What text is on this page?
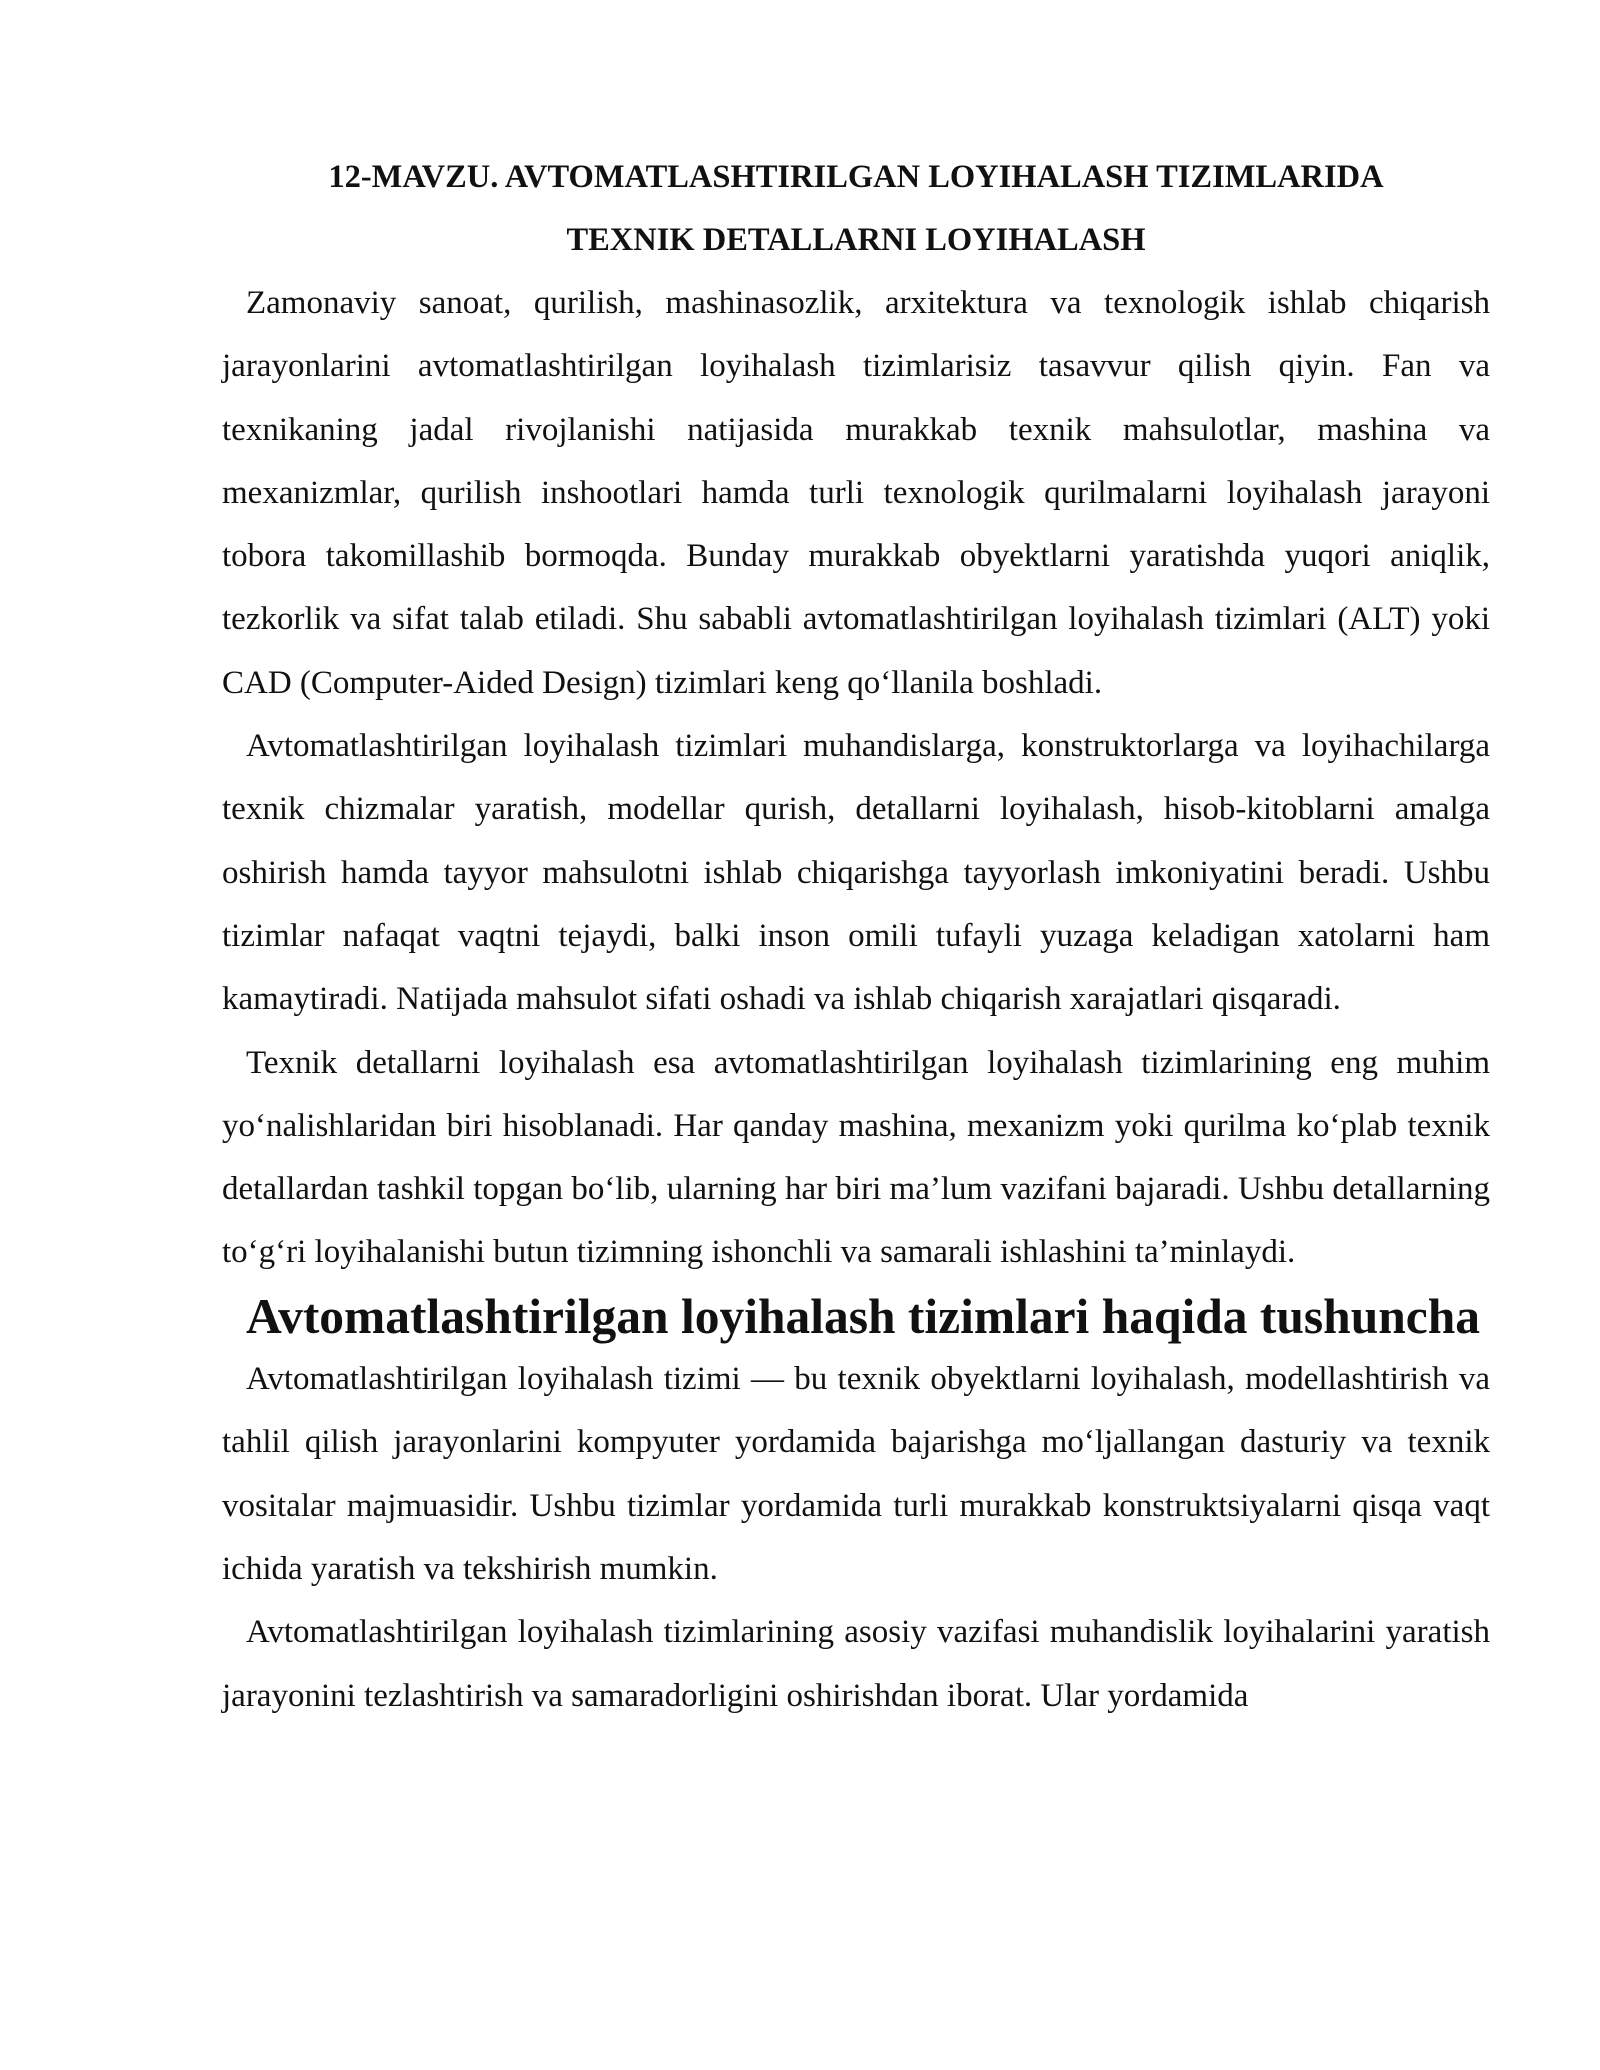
12-MAVZU. AVTOMATLASHTIRILGAN LOYIHALASH TIZIMLARIDA
TEXNIK DETALLARNI LOYIHALASH

Zamonaviy sanoat, qurilish, mashinasozlik, arxitektura va texnologik ishlab chiqarish jarayonlarini avtomatlashtirilgan loyihalash tizimlarisiz tasavvur qilish qiyin. Fan va texnikaning jadal rivojlanishi natijasida murakkab texnik mahsulotlar, mashina va mexanizmlar, qurilish inshootlari hamda turli texnologik qurilmalarni loyihalash jarayoni tobora takomillashib bormoqda. Bunday murakkab obyektlarni yaratishda yuqori aniqlik, tezkorlik va sifat talab etiladi. Shu sababli avtomatlashtirilgan loyihalash tizimlari (ALT) yoki CAD (Computer-Aided Design) tizimlari keng qo‘llanila boshladi.

Avtomatlashtirilgan loyihalash tizimlari muhandislarga, konstruktorlarga va loyihachilarga texnik chizmalar yaratish, modellar qurish, detallarni loyihalash, hisob-kitoblarni amalga oshirish hamda tayyor mahsulotni ishlab chiqarishga tayyorlash imkoniyatini beradi. Ushbu tizimlar nafaqat vaqtni tejaydi, balki inson omili tufayli yuzaga keladigan xatolarni ham kamaytiradi. Natijada mahsulot sifati oshadi va ishlab chiqarish xarajatlari qisqaradi.

Texnik detallarni loyihalash esa avtomatlashtirilgan loyihalash tizimlarining eng muhim yo‘nalishlaridan biri hisoblanadi. Har qanday mashina, mexanizm yoki qurilma ko‘plab texnik detallardan tashkil topgan bo‘lib, ularning har biri ma’lum vazifani bajaradi. Ushbu detallarning to‘g‘ri loyihalanishi butun tizimning ishonchli va samarali ishlashini ta’minlaydi.

Avtomatlashtirilgan loyihalash tizimlari haqida tushuncha

Avtomatlashtirilgan loyihalash tizimi — bu texnik obyektlarni loyihalash, modellashtirish va tahlil qilish jarayonlarini kompyuter yordamida bajarishga mo‘ljallangan dasturiy va texnik vositalar majmuasidir. Ushbu tizimlar yordamida turli murakkab konstruktsiyalarni qisqa vaqt ichida yaratish va tekshirish mumkin.

Avtomatlashtirilgan loyihalash tizimlarining asosiy vazifasi muhandislik loyihalarini yaratish jarayonini tezlashtirish va samaradorligini oshirishdan iborat. Ular yordamida
